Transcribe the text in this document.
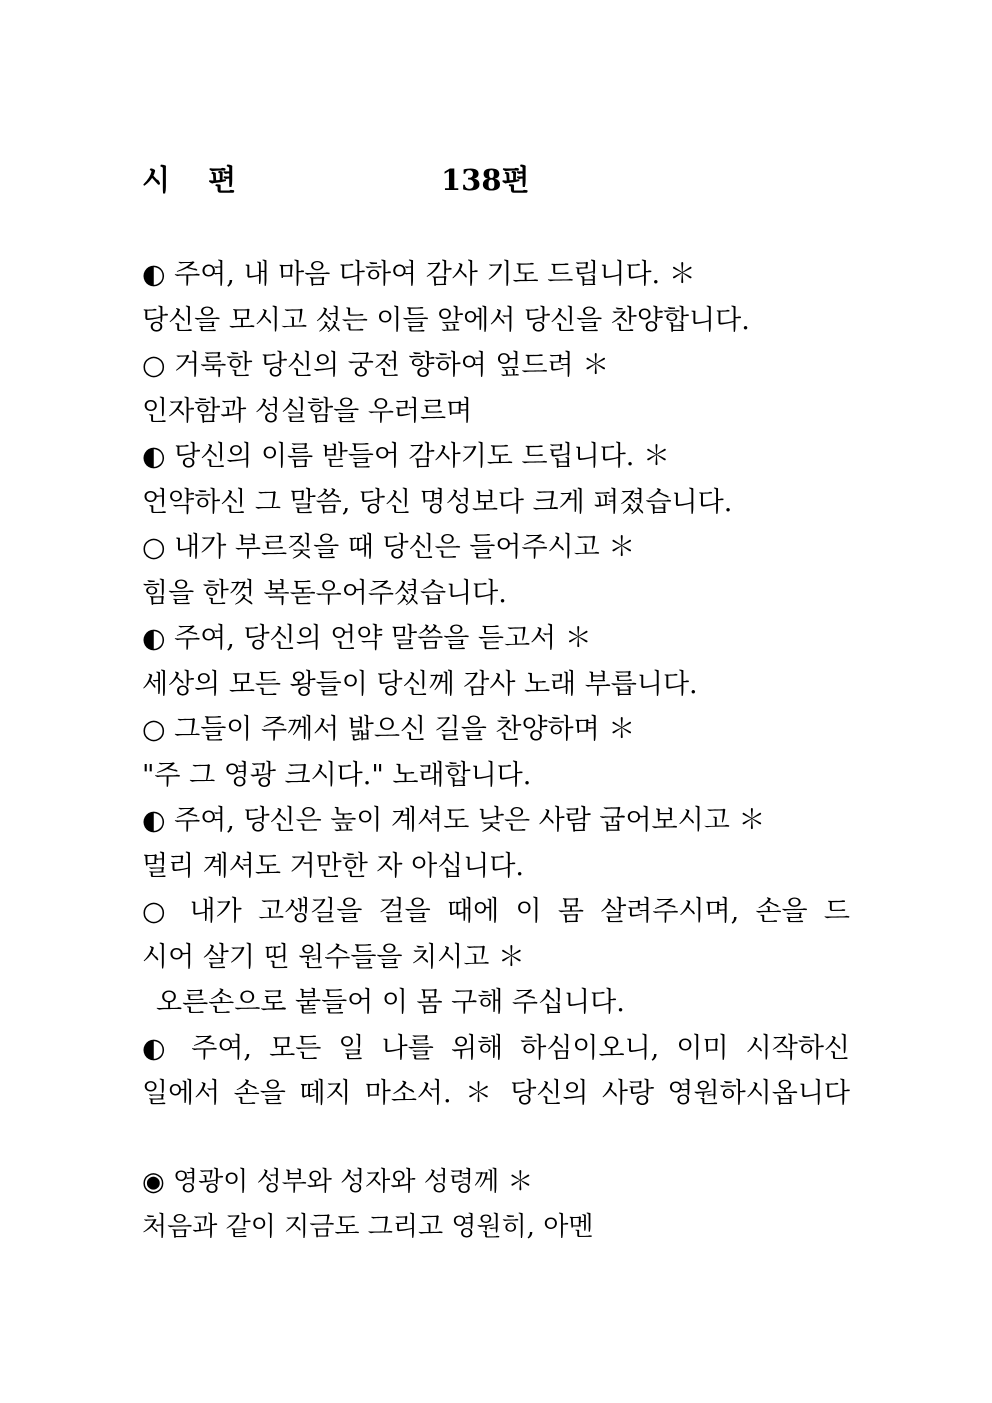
시 편	138편
◐ 주여, 내 마음 다하여 감사 기도 드립니다. ＊
당신을 모시고 섰는 이들 앞에서 당신을 찬양합니다.
○ 거룩한 당신의 궁전 향하여 엎드려 ＊
인자함과 성실함을 우러르며
◐ 당신의 이름 받들어 감사기도 드립니다. ＊
언약하신 그 말씀, 당신 명성보다 크게 펴졌습니다.
○ 내가 부르짖을 때 당신은 들어주시고 ＊
힘을 한껏 복돋우어주셨습니다.
◐ 주여, 당신의 언약 말씀을 듣고서 ＊
세상의 모든 왕들이 당신께 감사 노래 부릅니다.
○ 그들이 주께서 밟으신 길을 찬양하며 ＊
"주 그 영광 크시다." 노래합니다.
◐ 주여, 당신은 높이 계셔도 낮은 사람 굽어보시고 ＊
멀리 계셔도 거만한 자 아십니다.
○ 내가 고생길을 걸을 때에 이 몸 살려주시며, 손을 드
시어 살기 띤 원수들을 치시고 ＊
오른손으로 붙들어 이 몸 구해 주십니다.
◐ 주여, 모든 일 나를 위해 하심이오니, 이미 시작하신
일에서 손을 떼지 마소서. ＊ 당신의 사랑 영원하시옵니다
◉ 영광이 성부와 성자와 성령께 ＊
처음과 같이 지금도 그리고 영원히, 아멘
